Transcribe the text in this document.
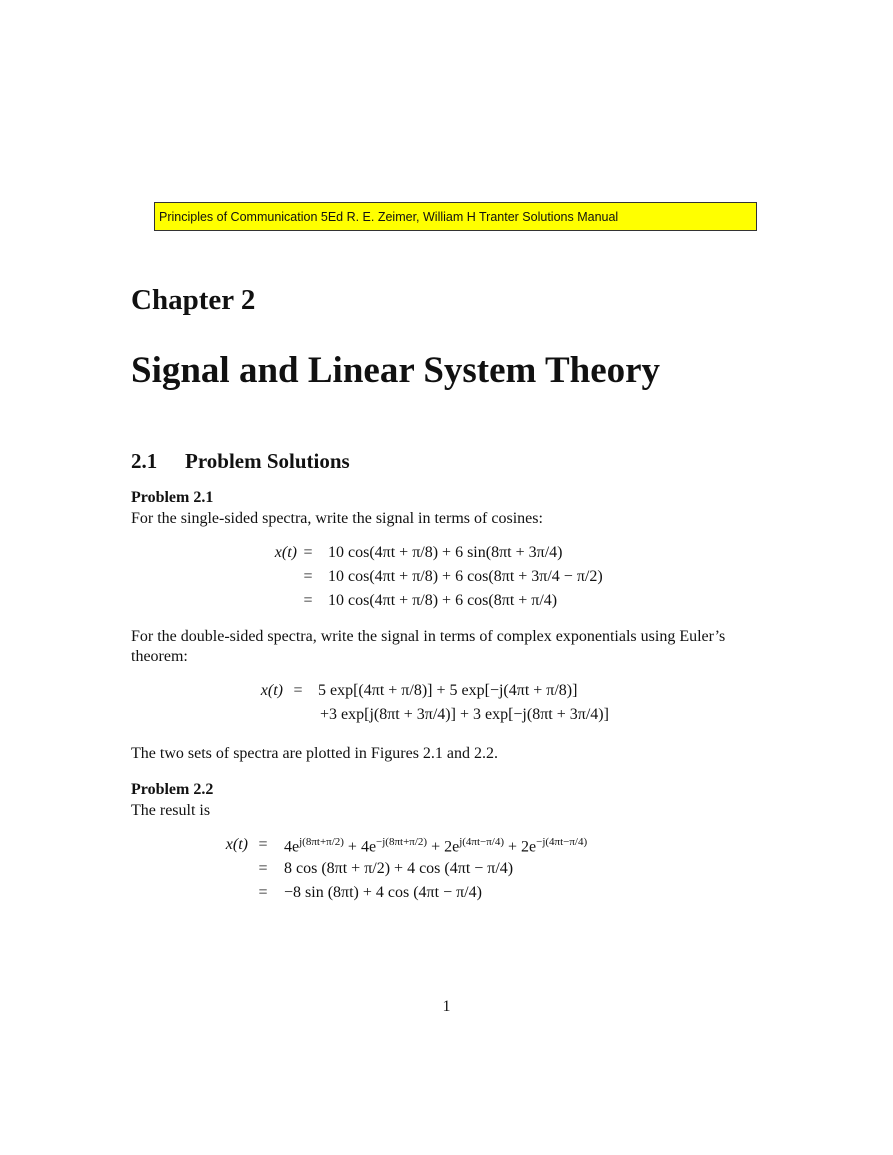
Principles of Communication 5Ed R. E. Zeimer, William H Tranter Solutions Manual
Chapter 2
Signal and Linear System Theory
2.1 Problem Solutions
Problem 2.1
For the single-sided spectra, write the signal in terms of cosines:
x(t) = 10 cos(4πt + π/8) + 6 sin(8πt + 3π/4)
= 10 cos(4πt + π/8) + 6 cos(8πt + 3π/4 − π/2)
= 10 cos(4πt + π/8) + 6 cos(8πt + π/4)
For the double-sided spectra, write the signal in terms of complex exponentials using Euler’s theorem:
x(t) = 5 exp[(4πt + π/8)] + 5 exp[−j(4πt + π/8)]
+3 exp[j(8πt + 3π/4)] + 3 exp[−j(8πt + 3π/4)]
The two sets of spectra are plotted in Figures 2.1 and 2.2.
Problem 2.2
The result is
x(t) =	$4e^{j(8\pi t+\pi/2)} + 4e^{-j(8\pi t+\pi/2)} + 2e^{j(4\pi t-\pi/4)} + 2e^{-j(4\pi t-\pi/4)}$
=	8 cos (8πt + π/2) + 4 cos (4πt − π/4)
=	−8 sin (8πt) + 4 cos (4πt − π/4)
1
